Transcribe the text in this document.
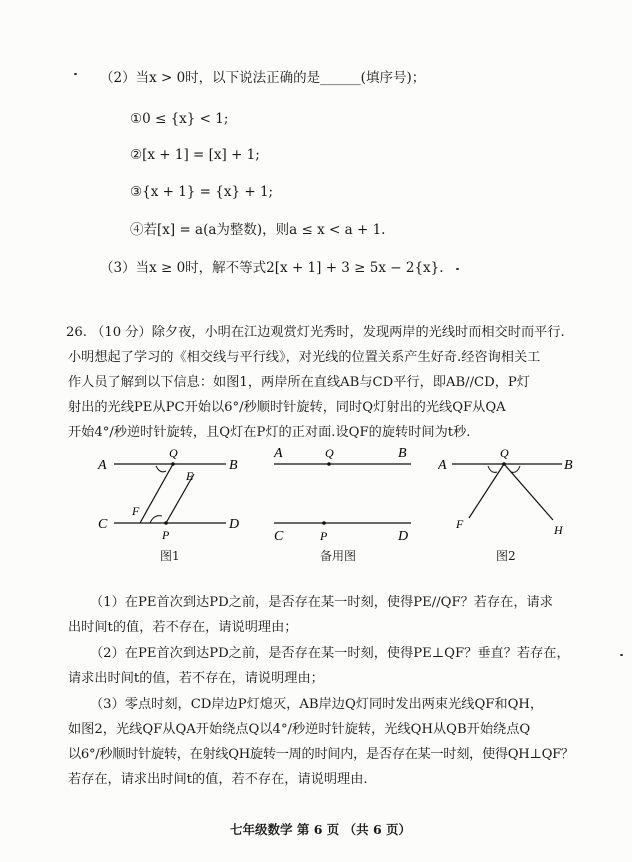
（2）当x > 0时，以下说法正确的是______(填序号)；
①0 ≤ {x} < 1;
②[x + 1] = [x] + 1;
③{x + 1} = {x} + 1;
④若[x] = a(a为整数)，则a ≤ x < a + 1.
（3）当x ≥ 0时，解不等式2[x + 1] + 3 ≥ 5x − 2{x}.

26. （10 分）除夕夜，小明在江边观赏灯光秀时，发现两岸的光线时而相交时而平行.

小明想起了学习的《相交线与平行线》，对光线的位置关系产生好奇.经咨询相关工

作人员了解到以下信息：如图1，两岸所在直线AB与CD平行，即AB//CD，P灯

射出的光线PE从PC开始以6°/秒顺时针旋转，同时Q灯射出的光线QF从QA

开始4°/秒逆时针旋转，且Q灯在P灯的正对面.设QF的旋转时间为t秒.

A	B
C	D
Q
P
E
F
图1
A	B
C	D
Q
P
备用图
A	B
Q
F	H
图2

（1）在PE首次到达PD之前，是否存在某一时刻，使得PE//QF？若存在，请求

出时间t的值，若不存在，请说明理由；

（2）在PE首次到达PD之前，是否存在某一时刻，使得PE⊥QF？垂直？若存在，

请求出时间t的值，若不存在，请说明理由；

（3）零点时刻，CD岸边P灯熄灭，AB岸边Q灯同时发出两束光线QF和QH，

如图2，光线QF从QA开始绕点Q以4°/秒逆时针旋转，光线QH从QB开始绕点Q

以6°/秒顺时针旋转，在射线QH旋转一周的时间内，是否存在某一时刻，使得QH⊥QF？

若存在，请求出时间t的值，若不存在，请说明理由.

七年级数学 第 6 页 （共 6 页）
